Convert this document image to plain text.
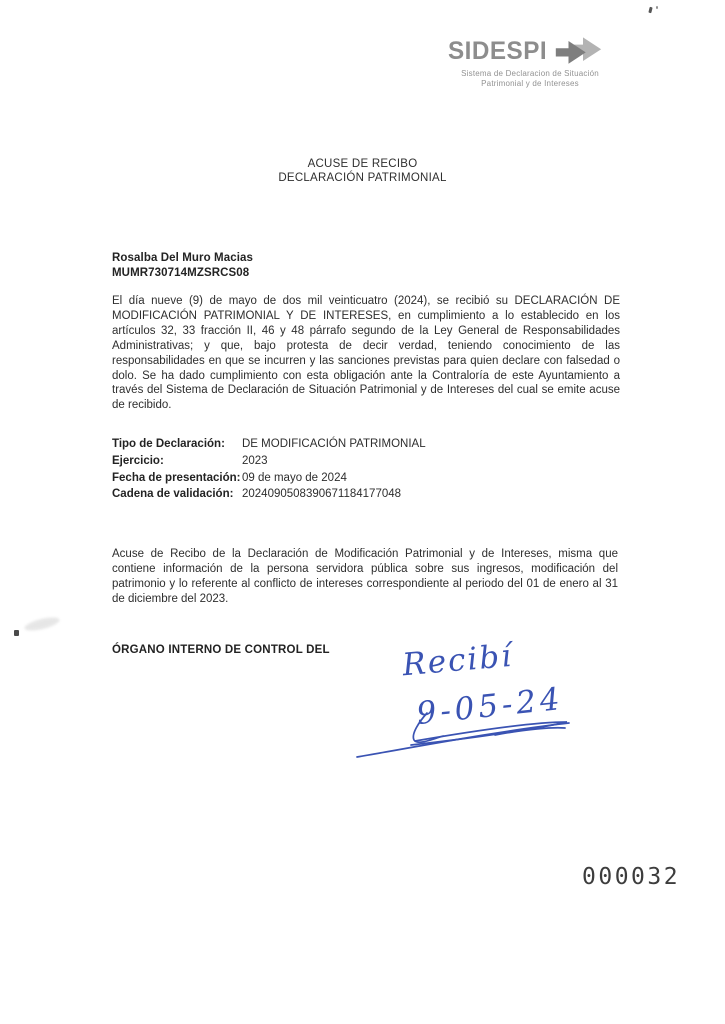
SIDESPI
Sistema de Declaracion de Situación
Patrimonial y de Intereses
ACUSE DE RECIBO
DECLARACIÓN PATRIMONIAL
Rosalba Del Muro Macias
MUMR730714MZSRCS08

El día nueve (9) de mayo de dos mil veinticuatro (2024), se recibió su DECLARACIÓN DE MODIFICACIÓN PATRIMONIAL Y DE INTERESES, en cumplimiento a lo establecido en los artículos 32, 33 fracción II, 46 y 48 párrafo segundo de la Ley General de Responsabilidades Administrativas; y que, bajo protesta de decir verdad, teniendo conocimiento de las responsabilidades en que se incurren y las sanciones previstas para quien declare con falsedad o dolo. Se ha dado cumplimiento con esta obligación ante la Contraloría de este Ayuntamiento a través del Sistema de Declaración de Situación Patrimonial y de Intereses del cual se emite acuse de recibido.

Tipo de Declaración:	DE MODIFICACIÓN PATRIMONIAL
Ejercicio:	2023
Fecha de presentación: 09 de mayo de 2024
Cadena de validación: 2024090508390671184177048

Acuse de Recibo de la Declaración de Modificación Patrimonial y de Intereses, misma que contiene información de la persona servidora pública sobre sus ingresos, modificación del patrimonio y lo referente al conflicto de intereses correspondiente al periodo del 01 de enero al 31 de diciembre del 2023.

ÓRGANO INTERNO DE CONTROL DEL Recibí
9-05-24
000032
